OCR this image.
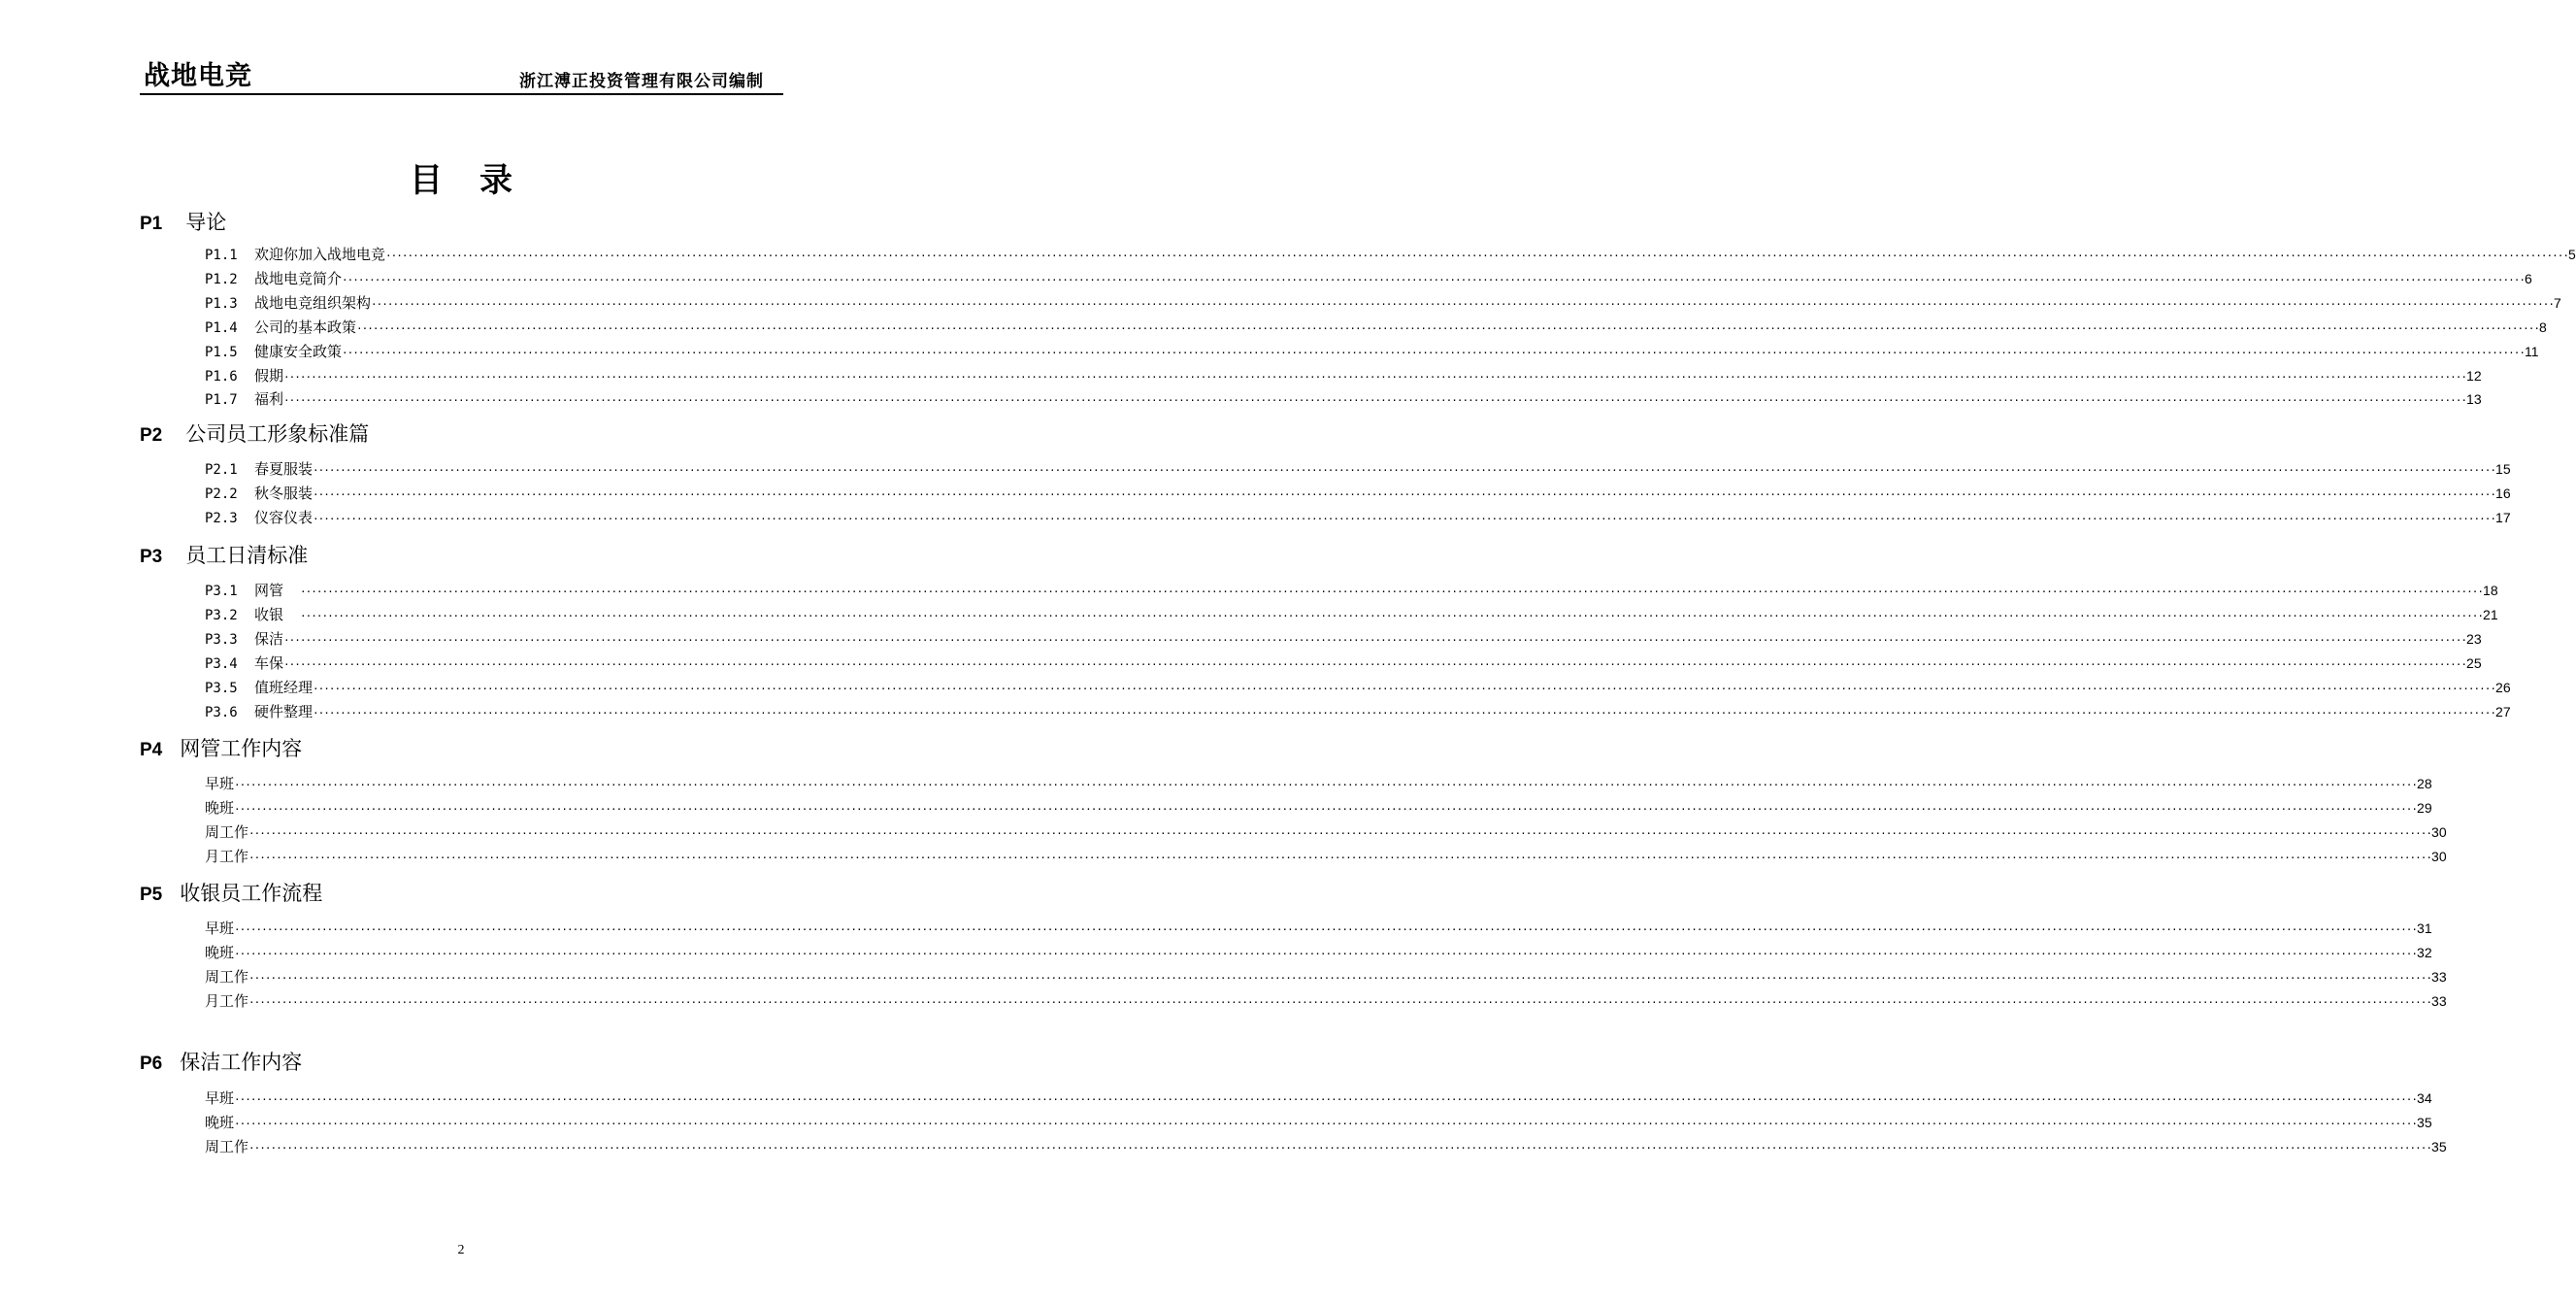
战地电竞	浙江溥正投资管理有限公司编制
目录
P1 导论
P1.1	欢迎你加入战地电竞 ················································································································································································································································································································································································································ 5
P1.2	战地电竞简介 ················································································································································································································································································································································································································ 6
P1.3	战地电竞组织架构 ················································································································································································································································································································································································································ 7
P1.4	公司的基本政策 ················································································································································································································································································································································································································ 8
P1.5	健康安全政策 ················································································································································································································································································································································································································ 11
P1.6	假期 ················································································································································································································································································································································································································ 12
P1.7	福利 ················································································································································································································································································································································································································ 13
P2 公司员工形象标准篇
P2.1	春夏服装 ················································································································································································································································································································································································································ 15
P2.2	秋冬服装 ················································································································································································································································································································································································································ 16
P2.3	仪容仪表 ················································································································································································································································································································································································································ 17
P3 员工日清标准
P3.1	网管 ················································································································································································································································································································································································································ 18
P3.2	收银 ················································································································································································································································································································································································································ 21
P3.3	保洁 ················································································································································································································································································································································································································ 23
P3.4	车保 ················································································································································································································································································································································································································ 25
P3.5	值班经理 ················································································································································································································································································································································································································ 26
P3.6	硬件整理 ················································································································································································································································································································································································································ 27
P4 网管工作内容
早班 ················································································································································································································································································································································································································ 28
晚班 ················································································································································································································································································································································································································ 29
周工作 ················································································································································································································································································································································································································ 30
月工作 ················································································································································································································································································································································································································ 30
P5 收银员工作流程
早班 ················································································································································································································································································································································································································ 31
晚班 ················································································································································································································································································································································································································ 32
周工作 ················································································································································································································································································································································································································ 33
月工作 ················································································································································································································································································································································································································ 33
P6 保洁工作内容
早班 ················································································································································································································································································································································································································ 34
晚班 ················································································································································································································································································································································································································ 35
周工作 ················································································································································································································································································································································································································ 35
2
